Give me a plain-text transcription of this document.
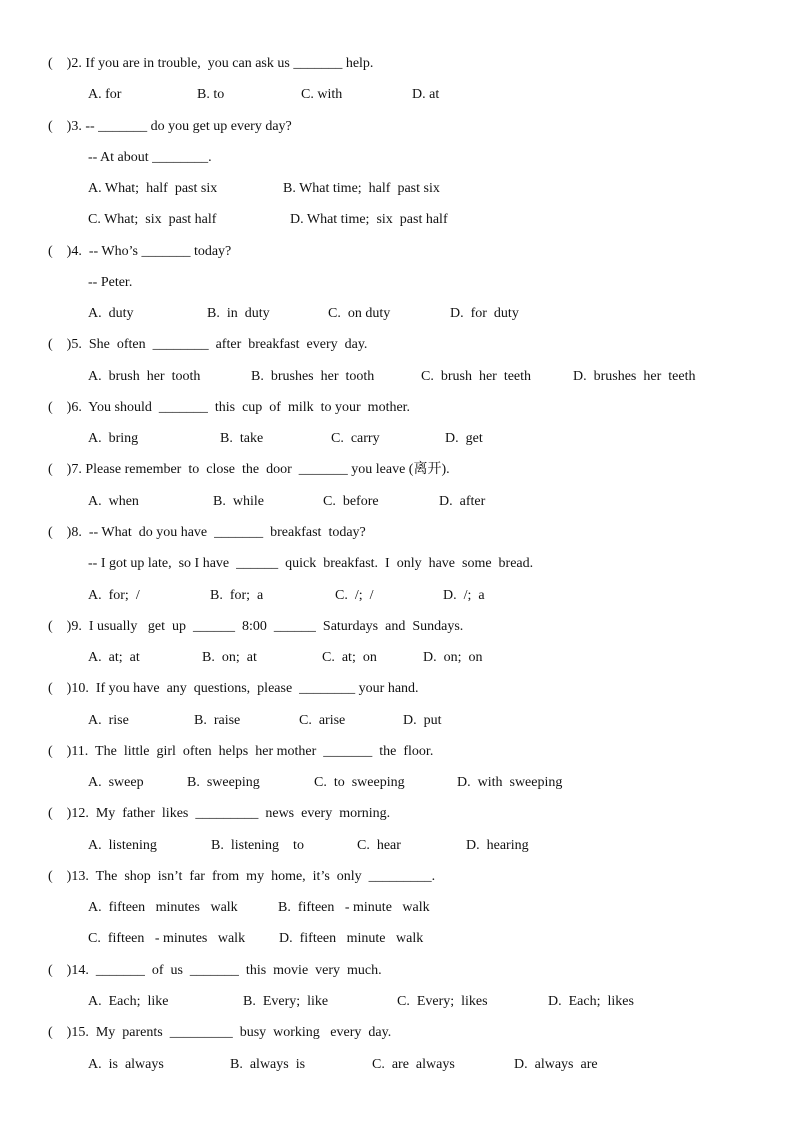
(    )2. If you are in trouble,  you can ask us _______ help.
A. for	B. to	C. with	D. at
(    )3. -- _______ do you get up every day?
-- At about ________.
A. What;  half  past six	B. What time;  half  past six
C. What;  six  past half	D. What time;  six  past half
(    )4.  -- Who’s _______ today?
-- Peter.
A.  duty	B.  in  duty	C.  on duty	D.  for  duty
(    )5.  She  often  ________  after  breakfast  every  day.
A.  brush  her  tooth	B.  brushes  her  tooth	C.  brush  her  teeth	D.  brushes  her  teeth
(    )6.  You should  _______  this  cup  of  milk  to your  mother.
A.  bring	B.  take	C.  carry	D.  get
(    )7. Please remember  to  close  the  door  _______ you leave (离开).
A.  when	B.  while	C.  before	D.  after
(    )8.  -- What  do you have  _______  breakfast  today?
-- I got up late,  so I have  ______  quick  breakfast.  I  only  have  some  bread.
A.  for;  /	B.  for;  a	C.  /;  /	D.  /;  a
(    )9.  I usually   get  up  ______  8:00  ______  Saturdays  and  Sundays.
A.  at;  at	B.  on;  at	C.  at;  on	D.  on;  on
(    )10.  If you have  any  questions,  please  ________ your hand.
A.  rise	B.  raise	C.  arise	D.  put
(    )11.  The  little  girl  often  helps  her mother  _______  the  floor.
A.  sweep	B.  sweeping	C.  to  sweeping	D.  with  sweeping
(    )12.  My  father  likes  _________  news  every  morning.
A.  listening	B.  listening    to	C.  hear	D.  hearing
(    )13.  The  shop  isn’t  far  from  my  home,  it’s  only  _________.
A.  fifteen   minutes   walk	B.  fifteen   - minute   walk
C.  fifteen   - minutes   walk D.  fifteen   minute   walk
(    )14.  _______  of  us  _______  this  movie  very  much.
A.  Each;  like	B.  Every;  like	C.  Every;  likes	D.  Each;  likes
(    )15.  My  parents  _________  busy  working   every  day.
A.  is  always	B.  always  is	C.  are  always	D.  always  are
